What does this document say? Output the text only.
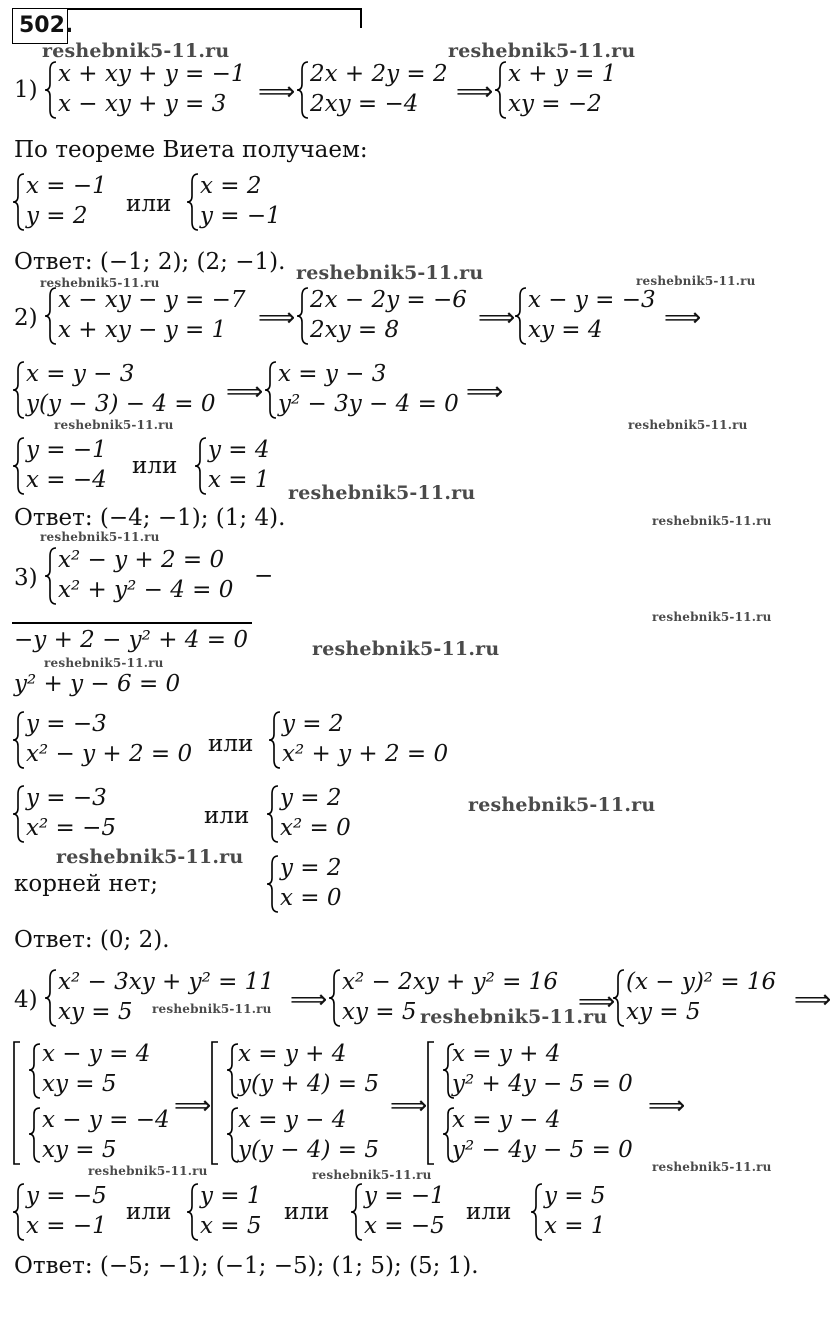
502.
reshebnik5-11.ru	reshebnik5-11.ru
reshebnik5-11.ru	reshebnik5-11.ru
reshebnik5-11.ru
reshebnik5-11.ru	reshebnik5-11.ru
reshebnik5-11.ru
reshebnik5-11.ru
reshebnik5-11.ru
reshebnik5-11.ru
reshebnik5-11.ru
reshebnik5-11.ru
reshebnik5-11.ru
reshebnik5-11.ru
reshebnik5-11.ru	reshebnik5-11.ru
reshebnik5-11.ru	reshebnik5-11.ru
reshebnik5-11.ru
1)
x + xy + y = −1
x − xy + y = 3 ⟹
2x + 2y = 2
2xy = −4 ⟹
x + y = 1
xy = −2
По теореме Виета получаем:
x = −1
y = 2 или
x = 2
y = −1
Ответ: (−1; 2); (2; −1).
2)
x − xy − y = −7
x + xy − y = 1 ⟹
2x − 2y = −6
2xy = 8	⟹
x − y = −3
xy = 4 ⟹
x = y − 3
y(y − 3) − 4 = 0 ⟹
x = y − 3
y² − 3y − 4 = 0 ⟹
y = −1
x = −4
или
y = 4
x = 1
Ответ: (−4; −1); (1; 4).
3)
x² − y + 2 = 0
x² + y² − 4 = 0
−
−y + 2 − y² + 4 = 0
y² + y − 6 = 0
y = −3
x² − y + 2 = 0 или
y = 2
x² + y + 2 = 0
y = −3
x² = −5	или
y = 2
x² = 0
корней нет;
y = 2
x = 0
Ответ: (0; 2).
4)
x² − 3xy + y² = 11
xy = 5	⟹
x² − 2xy + y² = 16
xy = 5	⟹
(x − y)² = 16
xy = 5	⟹
x − y = 4
xy = 5
x − y = −4
xy = 5
⟹
x = y + 4
y(y + 4) = 5
x = y − 4
y(y − 4) = 5
⟹
x = y + 4
y² + 4y − 5 = 0
x = y − 4
y² − 4y − 5 = 0
⟹
y = −5
x = −1
или
y = 1
x = 5
или
y = −1
x = −5
или
y = 5
x = 1
Ответ: (−5; −1); (−1; −5); (1; 5); (5; 1).
